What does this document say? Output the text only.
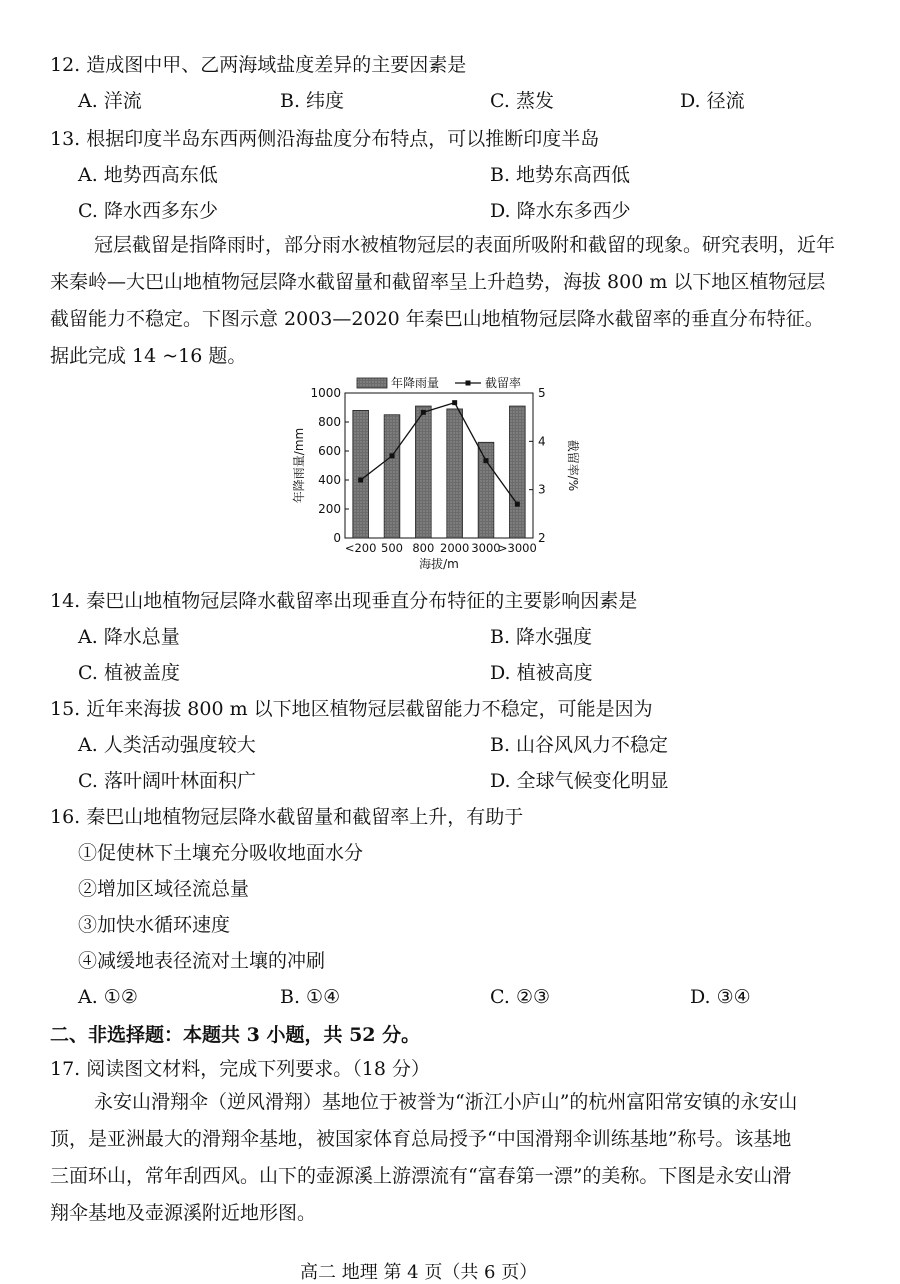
12. 造成图中甲、乙两海域盐度差异的主要因素是
A. 洋流	B. 纬度	C. 蒸发	D. 径流
13. 根据印度半岛东西两侧沿海盐度分布特点，可以推断印度半岛
A. 地势西高东低	B. 地势东高西低
C. 降水西多东少	D. 降水东多西少

冠层截留是指降雨时，部分雨水被植物冠层的表面所吸附和截留的现象。研究表明，近年

来秦岭—大巴山地植物冠层降水截留量和截留率呈上升趋势，海拔 800 m 以下地区植物冠层

截留能力不稳定。下图示意 2003—2020 年秦巴山地植物冠层降水截留率的垂直分布特征。

据此完成 14 ~16 题。

0
200
400
600
800
1000
2
3
4
5
<200 500 800 2000 3000
>3000
海拔/m
年降雨量/mm	截留率/%
年降雨量	截留率
14. 秦巴山地植物冠层降水截留率出现垂直分布特征的主要影响因素是
A. 降水总量	B. 降水强度
C. 植被盖度	D. 植被高度
15. 近年来海拔 800 m 以下地区植物冠层截留能力不稳定，可能是因为
A. 人类活动强度较大	B. 山谷风风力不稳定
C. 落叶阔叶林面积广	D. 全球气候变化明显
16. 秦巴山地植物冠层降水截留量和截留率上升，有助于
①促使林下土壤充分吸收地面水分
②增加区域径流总量
③加快水循环速度
④减缓地表径流对土壤的冲刷
A. ①②	B. ①④	C. ②③	D. ③④
二、非选择题：本题共 3 小题，共 52 分。
17. 阅读图文材料，完成下列要求。（18 分）

永安山滑翔伞（逆风滑翔）基地位于被誉为“浙江小庐山”的杭州富阳常安镇的永安山

顶，是亚洲最大的滑翔伞基地，被国家体育总局授予“中国滑翔伞训练基地”称号。该基地

三面环山，常年刮西风。山下的壶源溪上游漂流有“富春第一漂”的美称。下图是永安山滑

翔伞基地及壶源溪附近地形图。

高二 地理 第 4 页（共 6 页）
